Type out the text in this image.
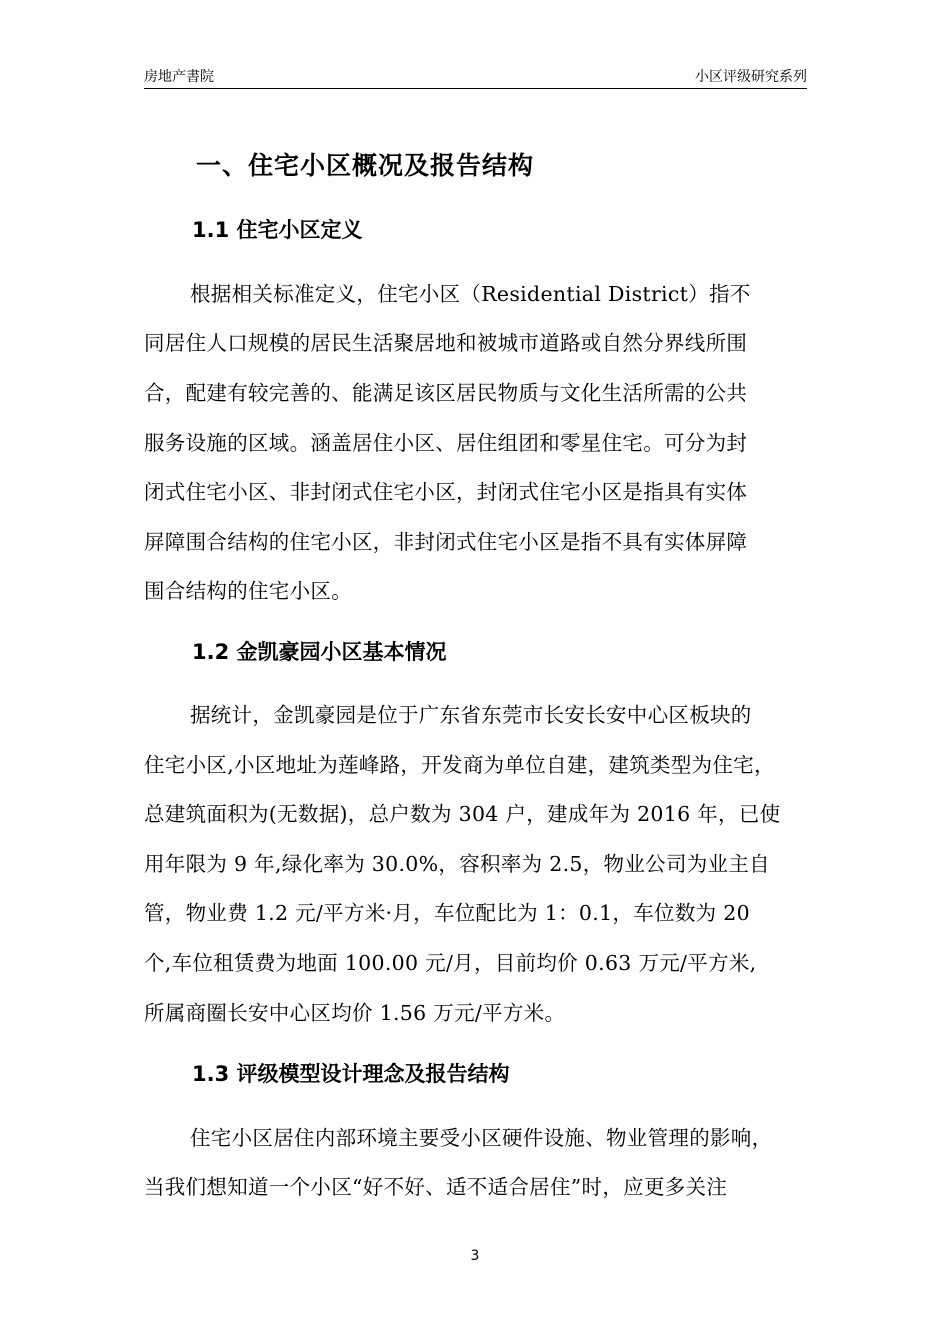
房地产書院	小区评级研究系列
一、住宅小区概况及报告结构
1.1 住宅小区定义
根据相关标准定义，住宅小区（Residential District）指不
同居住人口规模的居民生活聚居地和被城市道路或自然分界线所围
合，配建有较完善的、能满足该区居民物质与文化生活所需的公共
服务设施的区域。涵盖居住小区、居住组团和零星住宅。可分为封
闭式住宅小区、非封闭式住宅小区，封闭式住宅小区是指具有实体
屏障围合结构的住宅小区，非封闭式住宅小区是指不具有实体屏障
围合结构的住宅小区。
1.2 金凯豪园小区基本情况
据统计，金凯豪园是位于广东省东莞市长安长安中心区板块的
住宅小区,小区地址为莲峰路，开发商为单位自建，建筑类型为住宅，
总建筑面积为(无数据)，总户数为 304 户，建成年为 2016 年，已使
用年限为 9 年,绿化率为 30.0%，容积率为 2.5，物业公司为业主自
管，物业费 1.2 元/平方米·月，车位配比为 1：0.1，车位数为 20
个,车位租赁费为地面 100.00 元/月，目前均价 0.63 万元/平方米,
所属商圈长安中心区均价 1.56 万元/平方米。
1.3 评级模型设计理念及报告结构
住宅小区居住内部环境主要受小区硬件设施、物业管理的影响，
当我们想知道一个小区“好不好、适不适合居住”时，应更多关注
3
